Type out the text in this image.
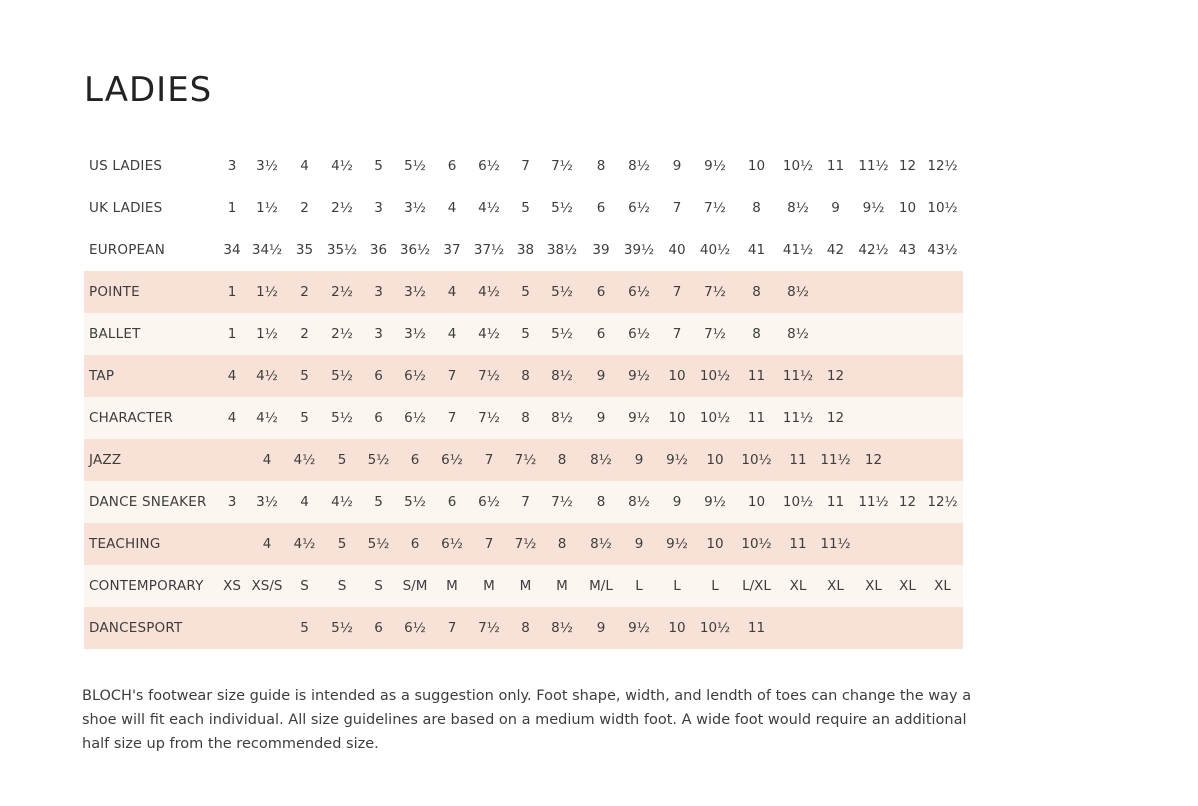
LADIES
US LADIES	3	3½	4	4½	5	5½	6	6½	7	7½	8	8½	9	9½	10	10½	11	11½	12	12½
UK LADIES	1	1½	2	2½	3	3½	4	4½	5	5½	6	6½	7	7½	8	8½	9	9½	10	10½
EUROPEAN	34	34½	35	35½	36	36½	37	37½	38	38½	39	39½	40	40½	41	41½	42	42½	43	43½
POINTE	1	1½	2	2½	3	3½	4	4½	5	5½	6	6½	7	7½	8	8½				
BALLET	1	1½	2	2½	3	3½	4	4½	5	5½	6	6½	7	7½	8	8½				
TAP	4	4½	5	5½	6	6½	7	7½	8	8½	9	9½	10	10½	11	11½	12			
CHARACTER	4	4½	5	5½	6	6½	7	7½	8	8½	9	9½	10	10½	11	11½	12			
JAZZ		4	4½	5	5½	6	6½	7	7½	8	8½	9	9½	10	10½	11	11½	12		
DANCE SNEAKER	3	3½	4	4½	5	5½	6	6½	7	7½	8	8½	9	9½	10	10½	11	11½	12	12½
TEACHING		4	4½	5	5½	6	6½	7	7½	8	8½	9	9½	10	10½	11	11½			
CONTEMPORARY	XS	XS/S	S	S	S	S/M	M	M	M	M	M/L	L	L	L	L/XL	XL	XL	XL	XL	XL
DANCESPORT			5	5½	6	6½	7	7½	8	8½	9	9½	10	10½	11					

BLOCH's footwear size guide is intended as a suggestion only. Foot shape, width, and lendth of toes can change the way a shoe will fit each individual. All size guidelines are based on a medium width foot. A wide foot would require an additional half size up from the recommended size.
